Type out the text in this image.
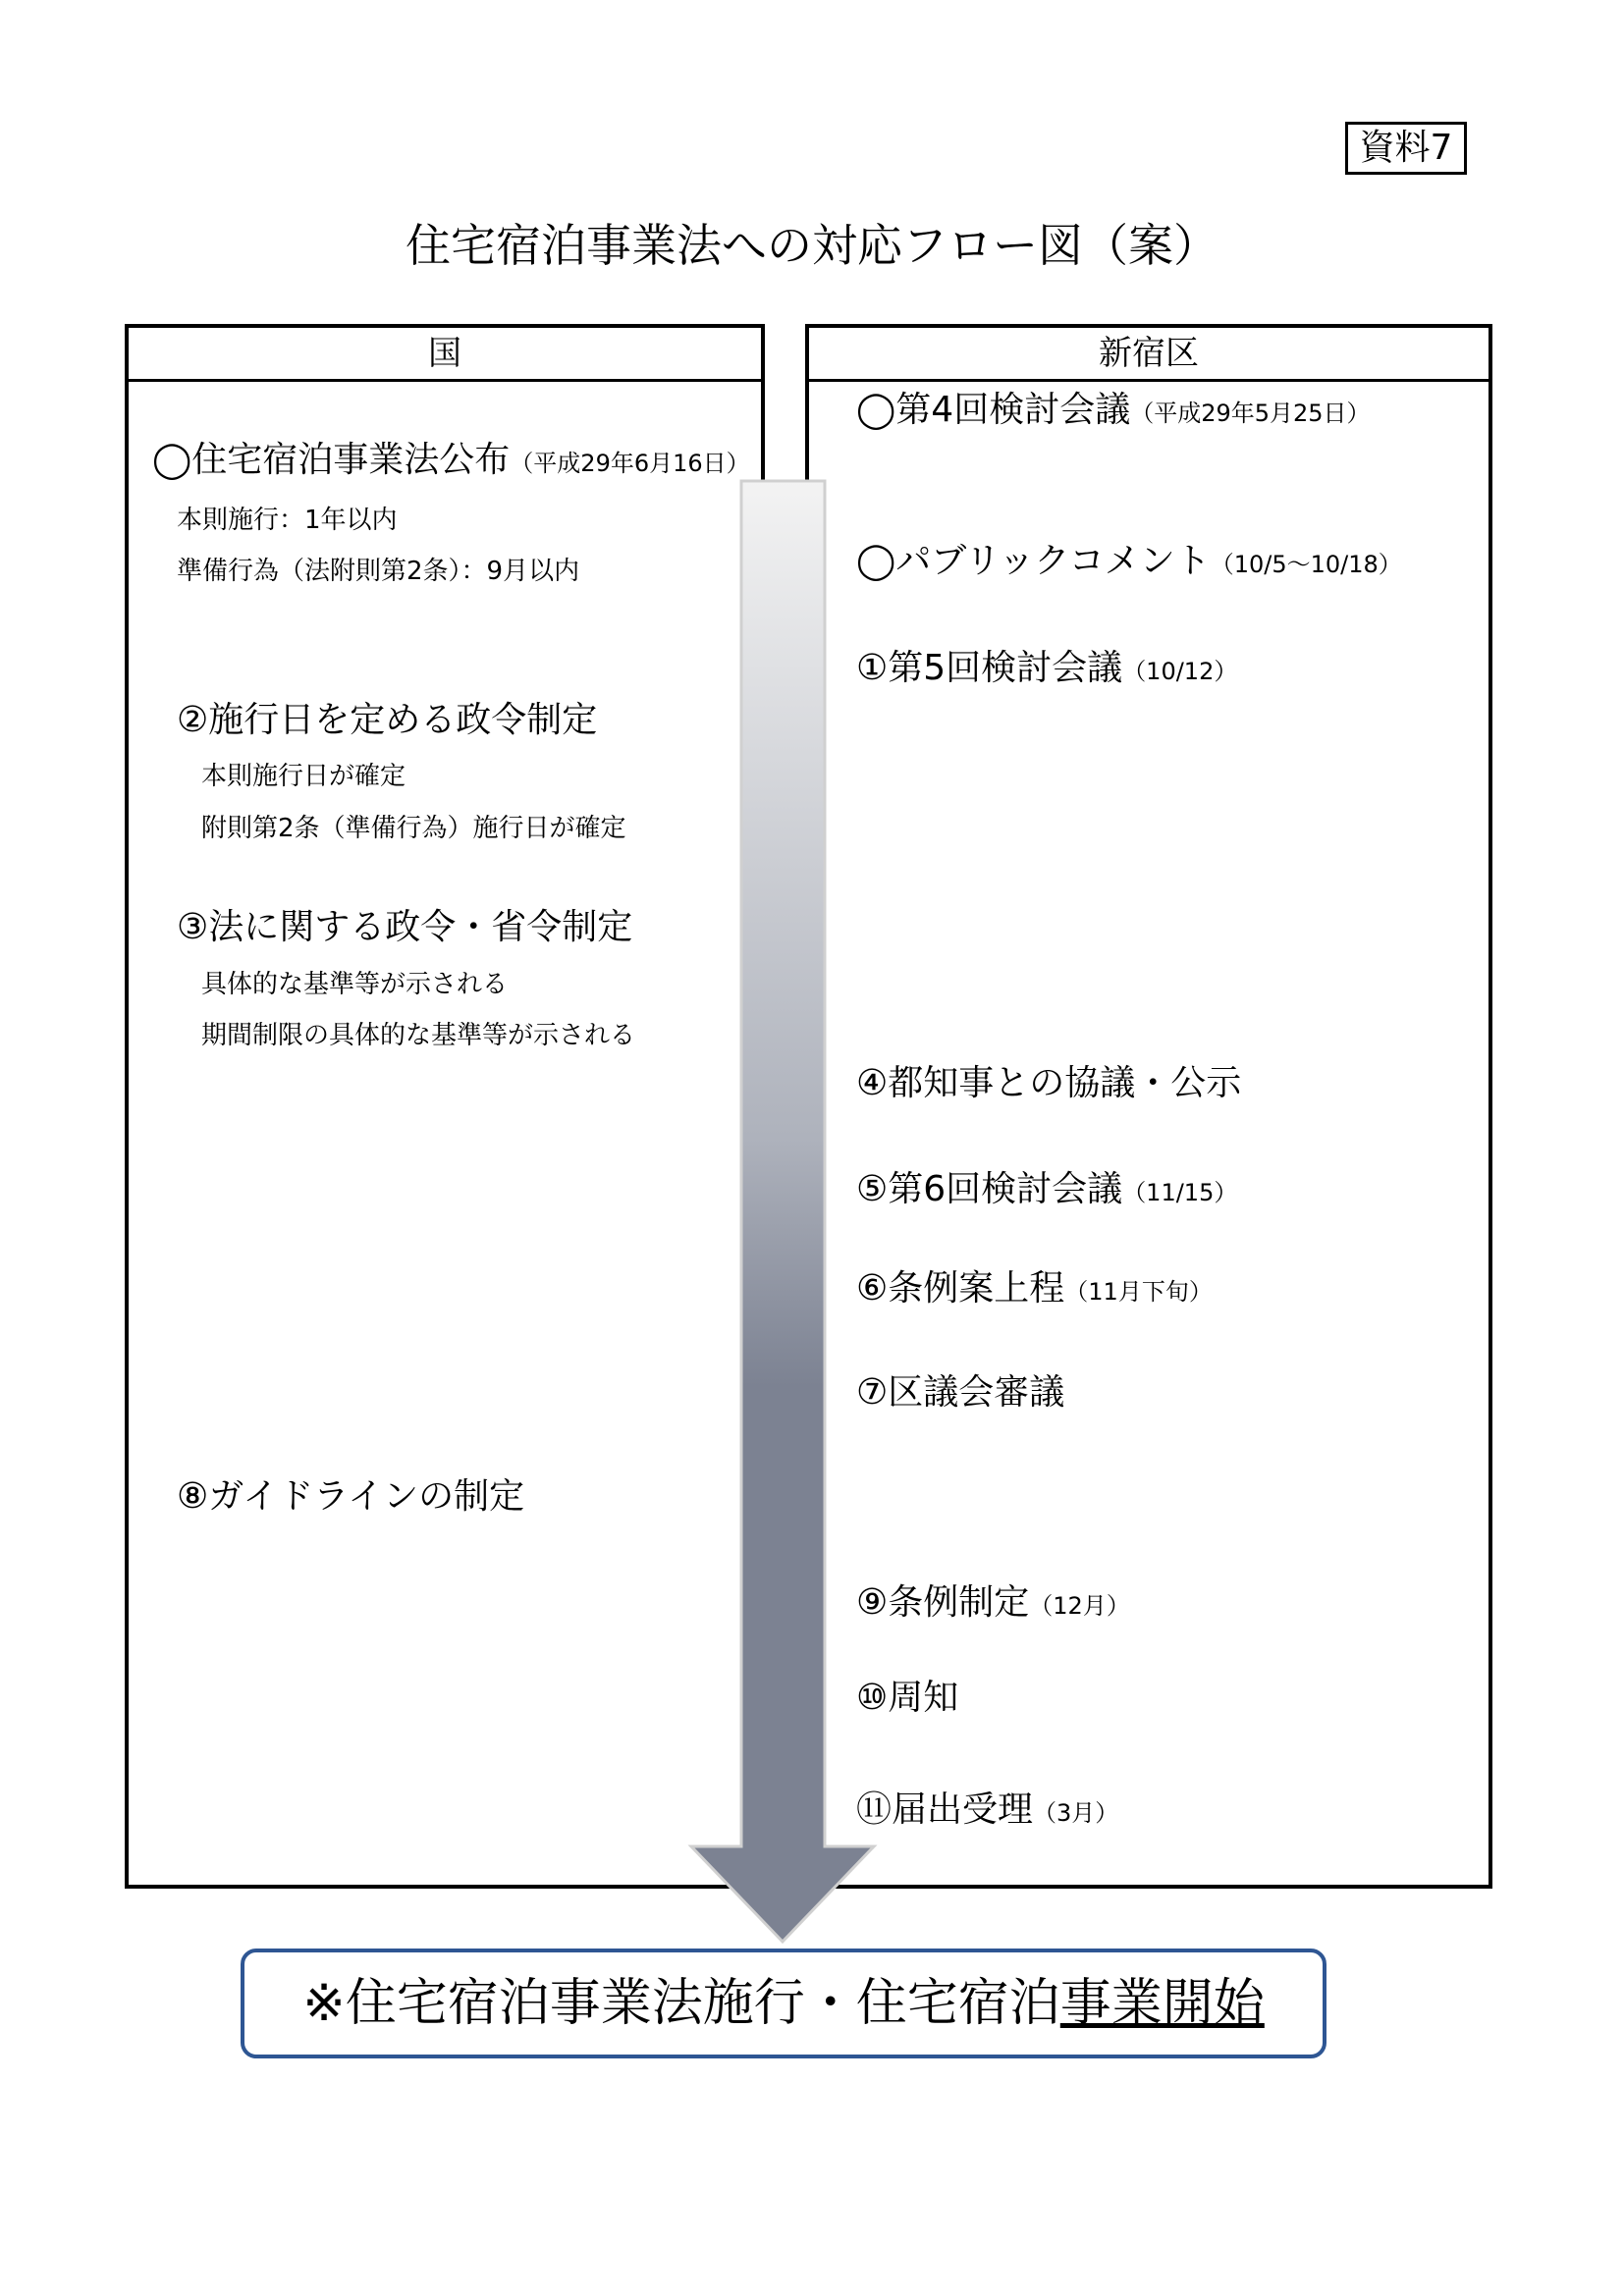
資料7
住宅宿泊事業法への対応フロー図（案）
国	新宿区
◯住宅宿泊事業法公布（平成29年6月16日）
本則施行：1年以内
準備行為（法附則第2条）：9月以内
②施行日を定める政令制定
本則施行日が確定
附則第2条（準備行為）施行日が確定
③法に関する政令・省令制定
具体的な基準等が示される
期間制限の具体的な基準等が示される
⑧ガイドラインの制定
◯第4回検討会議（平成29年5月25日）
◯パブリックコメント（10/5〜10/18）
①第5回検討会議（10/12）
④都知事との協議・公示
⑤第6回検討会議（11/15）
⑥条例案上程（11月下旬）
⑦区議会審議
⑨条例制定（12月）
⑩周知
⑪届出受理（3月）
※住宅宿泊事業法施行・住宅宿泊事業開始
